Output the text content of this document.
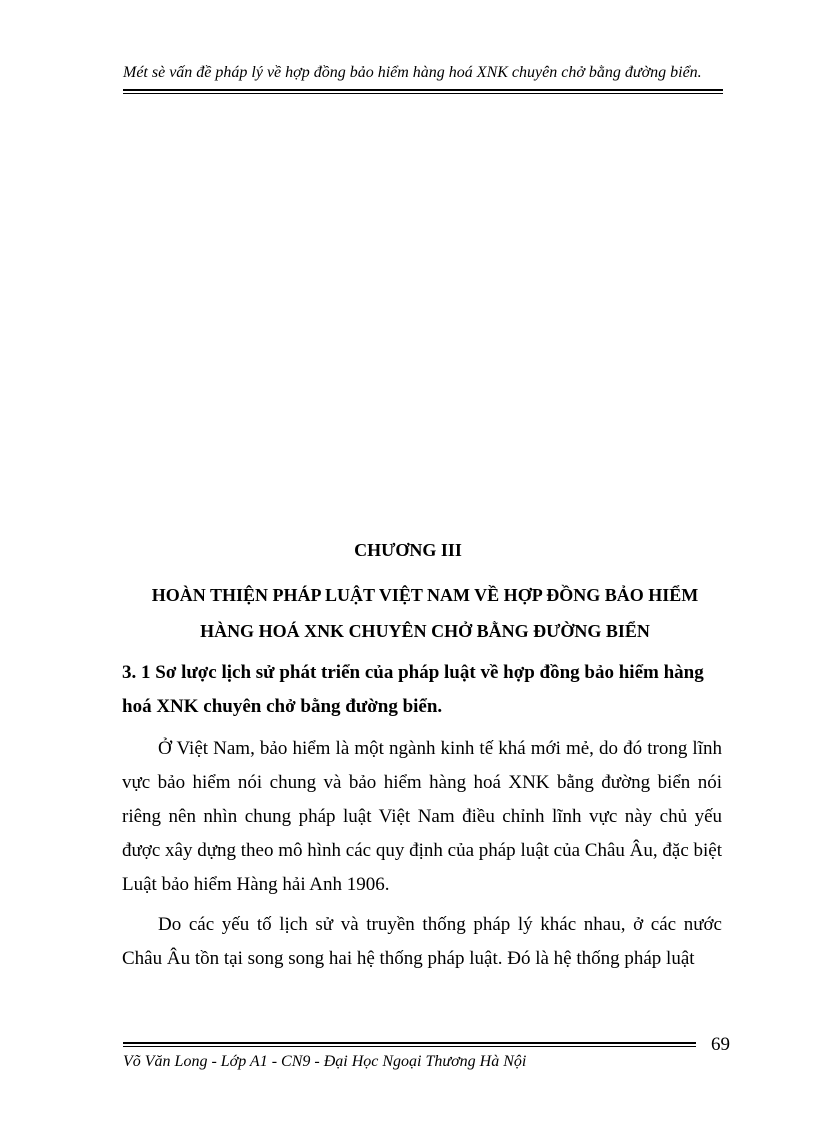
Mét sè vấn đề pháp lý về hợp đồng bảo hiểm hàng hoá XNK chuyên chở bằng đường biển.
CHƯƠNG III
HOÀN THIỆN PHÁP LUẬT VIỆT NAM VỀ HỢP ĐỒNG BẢO HIỂM
HÀNG HOÁ XNK CHUYÊN CHỞ BẰNG ĐƯỜNG BIỂN
3. 1 Sơ lược lịch sử phát triển của pháp luật về hợp đồng bảo hiểm hàng hoá XNK chuyên chở bằng đường biển.
Ở Việt Nam, bảo hiểm là một ngành kinh tế khá mới mẻ, do đó trong lĩnh vực bảo hiểm nói chung và bảo hiểm hàng hoá XNK bằng đường biển nói riêng nên nhìn chung pháp luật Việt Nam điều chỉnh lĩnh vực này chủ yếu được xây dựng theo mô hình các quy định của pháp luật của Châu Âu, đặc biệt Luật bảo hiểm Hàng hải Anh 1906.
Do các yếu tố lịch sử và truyền thống pháp lý khác nhau, ở các nước Châu Âu tồn tại song song hai hệ thống pháp luật. Đó là hệ thống pháp luật
69
Võ Văn Long - Lớp A1 - CN9 - Đại Học Ngoại Thương Hà Nội
